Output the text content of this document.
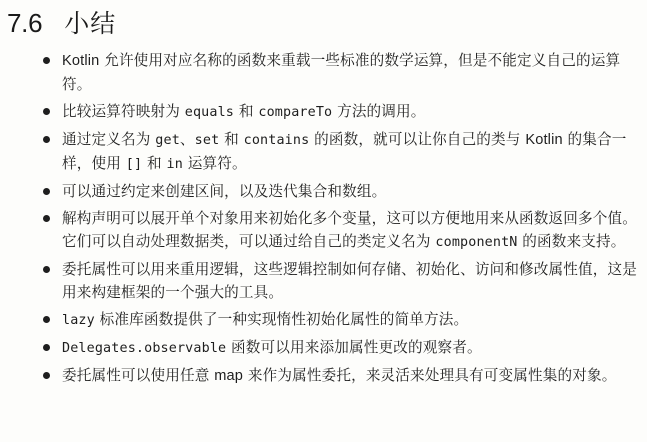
7.6 小结
Kotlin 允许使用对应名称的函数来重载一些标准的数学运算，但是不能定义自己的运算符。
比较运算符映射为 equals 和 compareTo 方法的调用。
通过定义名为 get、set 和 contains 的函数，就可以让你自己的类与 Kotlin 的集合一样，使用 [] 和 in 运算符。
可以通过约定来创建区间，以及迭代集合和数组。
解构声明可以展开单个对象用来初始化多个变量，这可以方便地用来从函数返回多个值。它们可以自动处理数据类，可以通过给自己的类定义名为 componentN 的函数来支持。
委托属性可以用来重用逻辑，这些逻辑控制如何存储、初始化、访问和修改属性值，这是用来构建框架的一个强大的工具。
lazy 标准库函数提供了一种实现惰性初始化属性的简单方法。
Delegates.observable 函数可以用来添加属性更改的观察者。
委托属性可以使用任意 map 来作为属性委托，来灵活来处理具有可变属性集的对象。
